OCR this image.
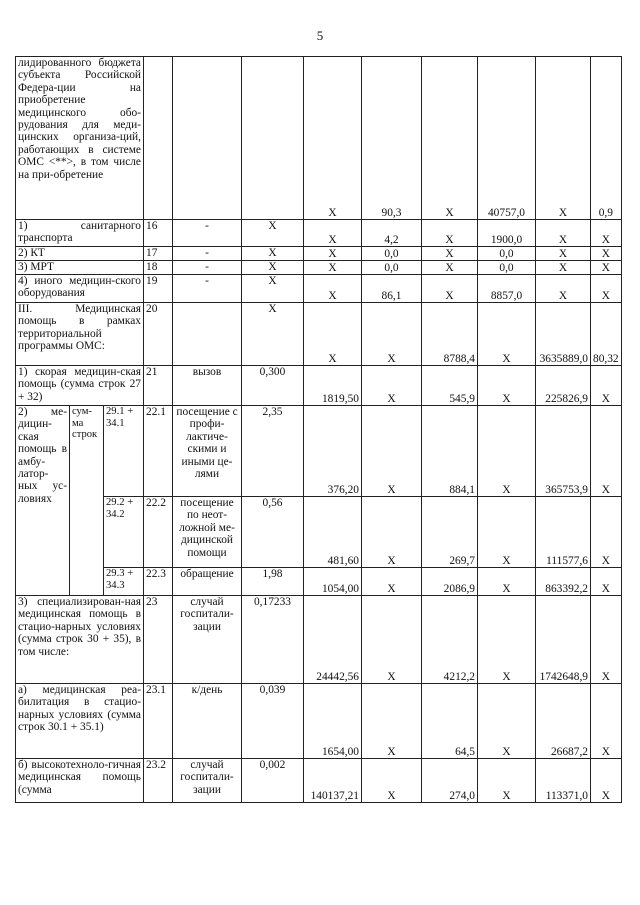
5
лидированного бюджета субъекта Российской Федера-ции на приобретение медицинского обо-рудования для меди-цинских организа-ций, работающих в системе ОМС <**>, в том числе на при-обретение						Х	90,3	Х	40757,0	Х	0,9
1) санитарного транспорта			16	-	Х	Х	4,2	Х	1900,0	Х	Х
2) КТ			17	-	Х	Х	0,0	Х	0,0	Х	Х
3) МРТ			18	-	Х	Х	0,0	Х	0,0	Х	Х
4) иного медицин-ского оборудования			19	-	Х	Х	86,1	Х	8857,0	Х	Х
III. Медицинская помощь в рамках территориальной программы ОМС:			20		Х	Х	Х	8788,4	Х	3635889,0	80,32
1) скорая медицин-ская помощь (сумма строк 27 + 32)			21	вызов	0,300	1819,50	Х	545,9	Х	225826,9	Х
2) ме-дицин-ская помощь в амбу-латор-ных ус-ловиях	сум-ма строк	29.1 + 34.1	22.1	посещение с профи-лактиче-скими и иными це-лями	2,35	376,20	Х	884,1	Х	365753,9	Х
		29.2 + 34.2	22.2	посещение по неот-ложной ме-дицинской помощи	0,56	481,60	Х	269,7	Х	111577,6	Х
		29.3 + 34.3	22.3	обращение	1,98	1054,00	Х	2086,9	Х	863392,2	Х
3) специализирован-ная медицинская помощь в стацио-нарных условиях (сумма строк 30 + 35), в том числе:			23	случай госпитали-зации	0,17233	24442,56	Х	4212,2	Х	1742648,9	Х
а) медицинская реа-билитация в стацио-нарных условиях (сумма строк 30.1 + 35.1)			23.1	к/день	0,039	1654,00	Х	64,5	Х	26687,2	Х
б) высокотехноло-гичная медицинская помощь (сумма			23.2	случай госпитали-зации	0,002	140137,21	Х	274,0	Х	113371,0	Х
